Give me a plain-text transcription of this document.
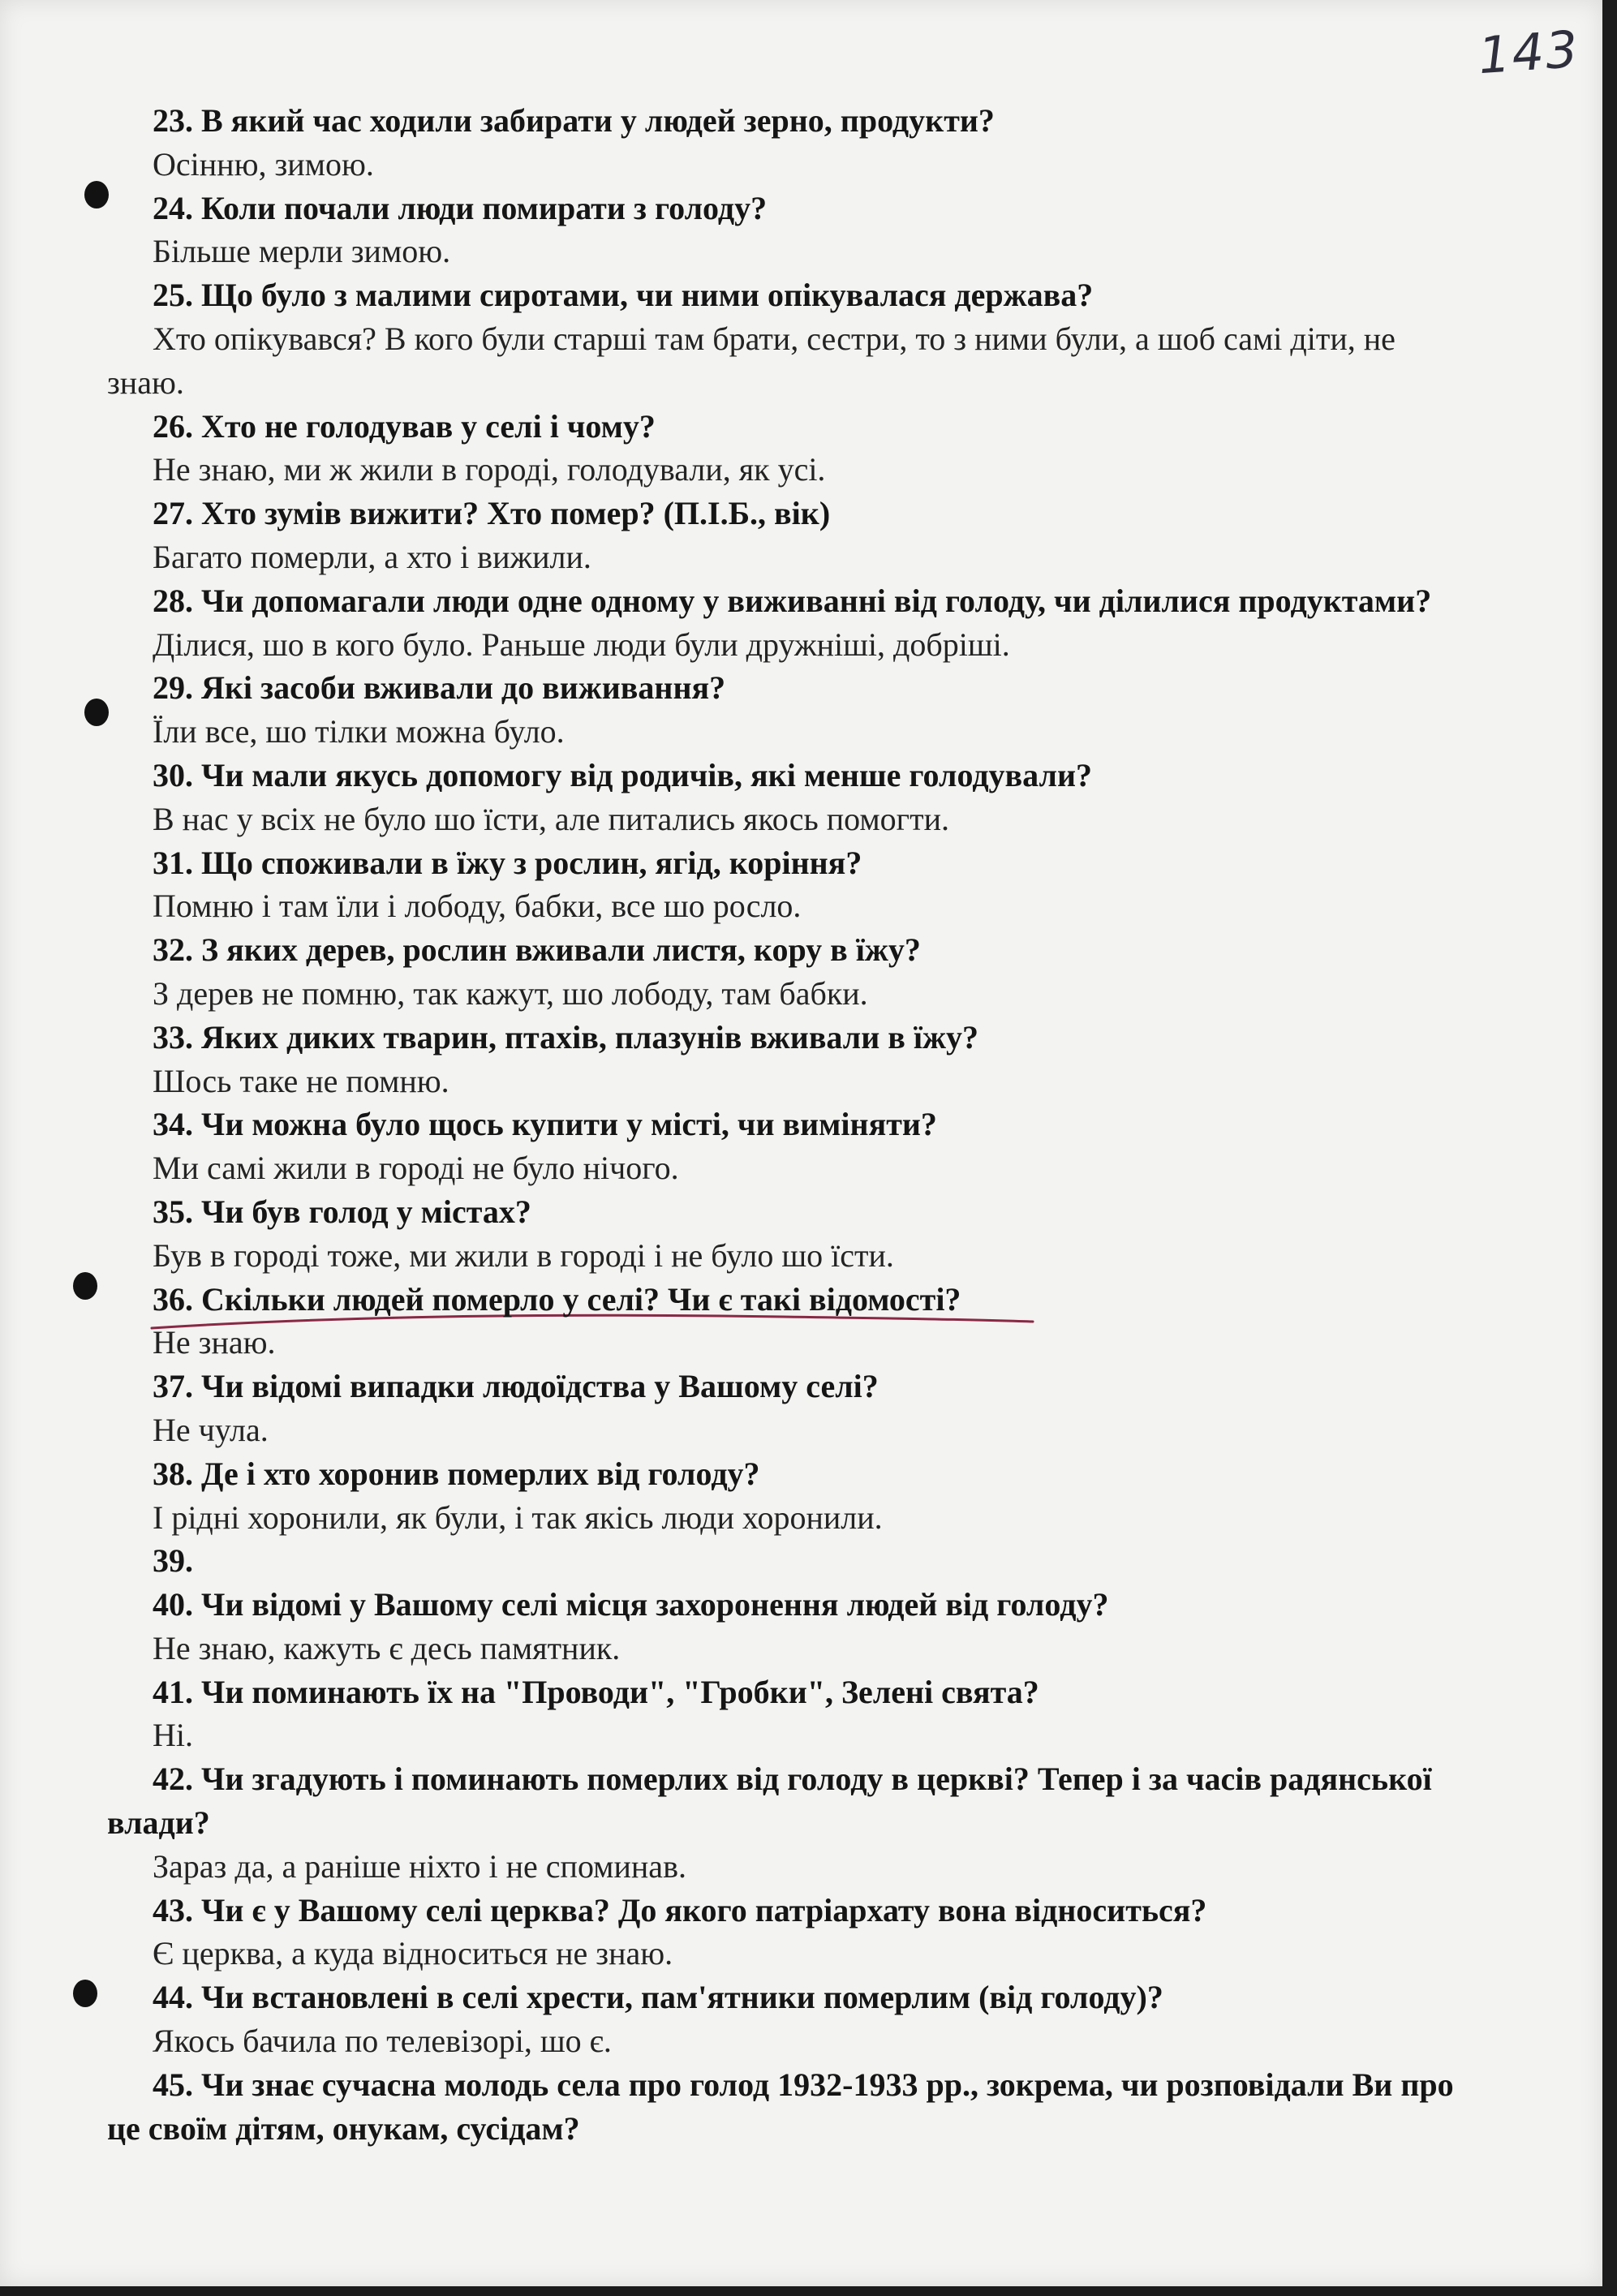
143

23. В який час ходили забирати у людей зерно, продукти?

Осінню, зимою.

24. Коли почали люди помирати з голоду?

Більше мерли зимою.

25. Що було з малими сиротами, чи ними опікувалася держава?

Хто опікувався? В кого були старші там брати, сестри, то з ними були, а шоб самі діти, не знаю.

26. Хто не голодував у селі і чому?

Не знаю, ми ж жили в городі, голодували, як усі.

27. Хто зумів вижити? Хто помер? (П.І.Б., вік)

Багато померли, а хто і вижили.

28. Чи допомагали люди одне одному у виживанні від голоду, чи ділилися продуктами?

Ділися, шо в кого було. Раньше люди були дружніші, добріші.

29. Які засоби вживали до виживання?

Їли все, шо тілки можна було.

30. Чи мали якусь допомогу від родичів, які менше голодували?

В нас у всіх не було шо їсти, але питались якось помогти.

31. Що споживали в їжу з рослин, ягід, коріння?

Помню і там їли і лободу, бабки, все шо росло.

32. З яких дерев, рослин вживали листя, кору в їжу?

З дерев не помню, так кажут, шо лободу, там бабки.

33. Яких диких тварин, птахів, плазунів вживали в їжу?

Шось таке не помню.

34. Чи можна було щось купити у місті, чи виміняти?

Ми самі жили в городі не було нічого.

35. Чи був голод у містах?

Був в городі тоже, ми жили в городі і не було шо їсти.

36. Скільки людей померло у селі? Чи є такі відомості?

Не знаю.

37. Чи відомі випадки людоїдства у Вашому селі?

Не чула.

38. Де і хто хоронив померлих від голоду?

І рідні хоронили, як були, і так якісь люди хоронили.

39.

40. Чи відомі у Вашому селі місця захоронення людей від голоду?

Не знаю, кажуть є десь памятник.

41. Чи поминають їх на "Проводи", "Гробки", Зелені свята?

Ні.

42. Чи згадують і поминають померлих від голоду в церкві? Тепер і за часів радянської влади?

Зараз да, а раніше ніхто і не споминав.

43. Чи є у Вашому селі церква? До якого патріархату вона відноситься?

Є церква, а куда відноситься не знаю.

44. Чи встановлені в селі хрести, пам'ятники померлим (від голоду)?

Якось бачила по телевізорі, шо є.

45. Чи знає сучасна молодь села про голод 1932-1933 рр., зокрема, чи розповідали Ви про це своїм дітям, онукам, сусідам?
